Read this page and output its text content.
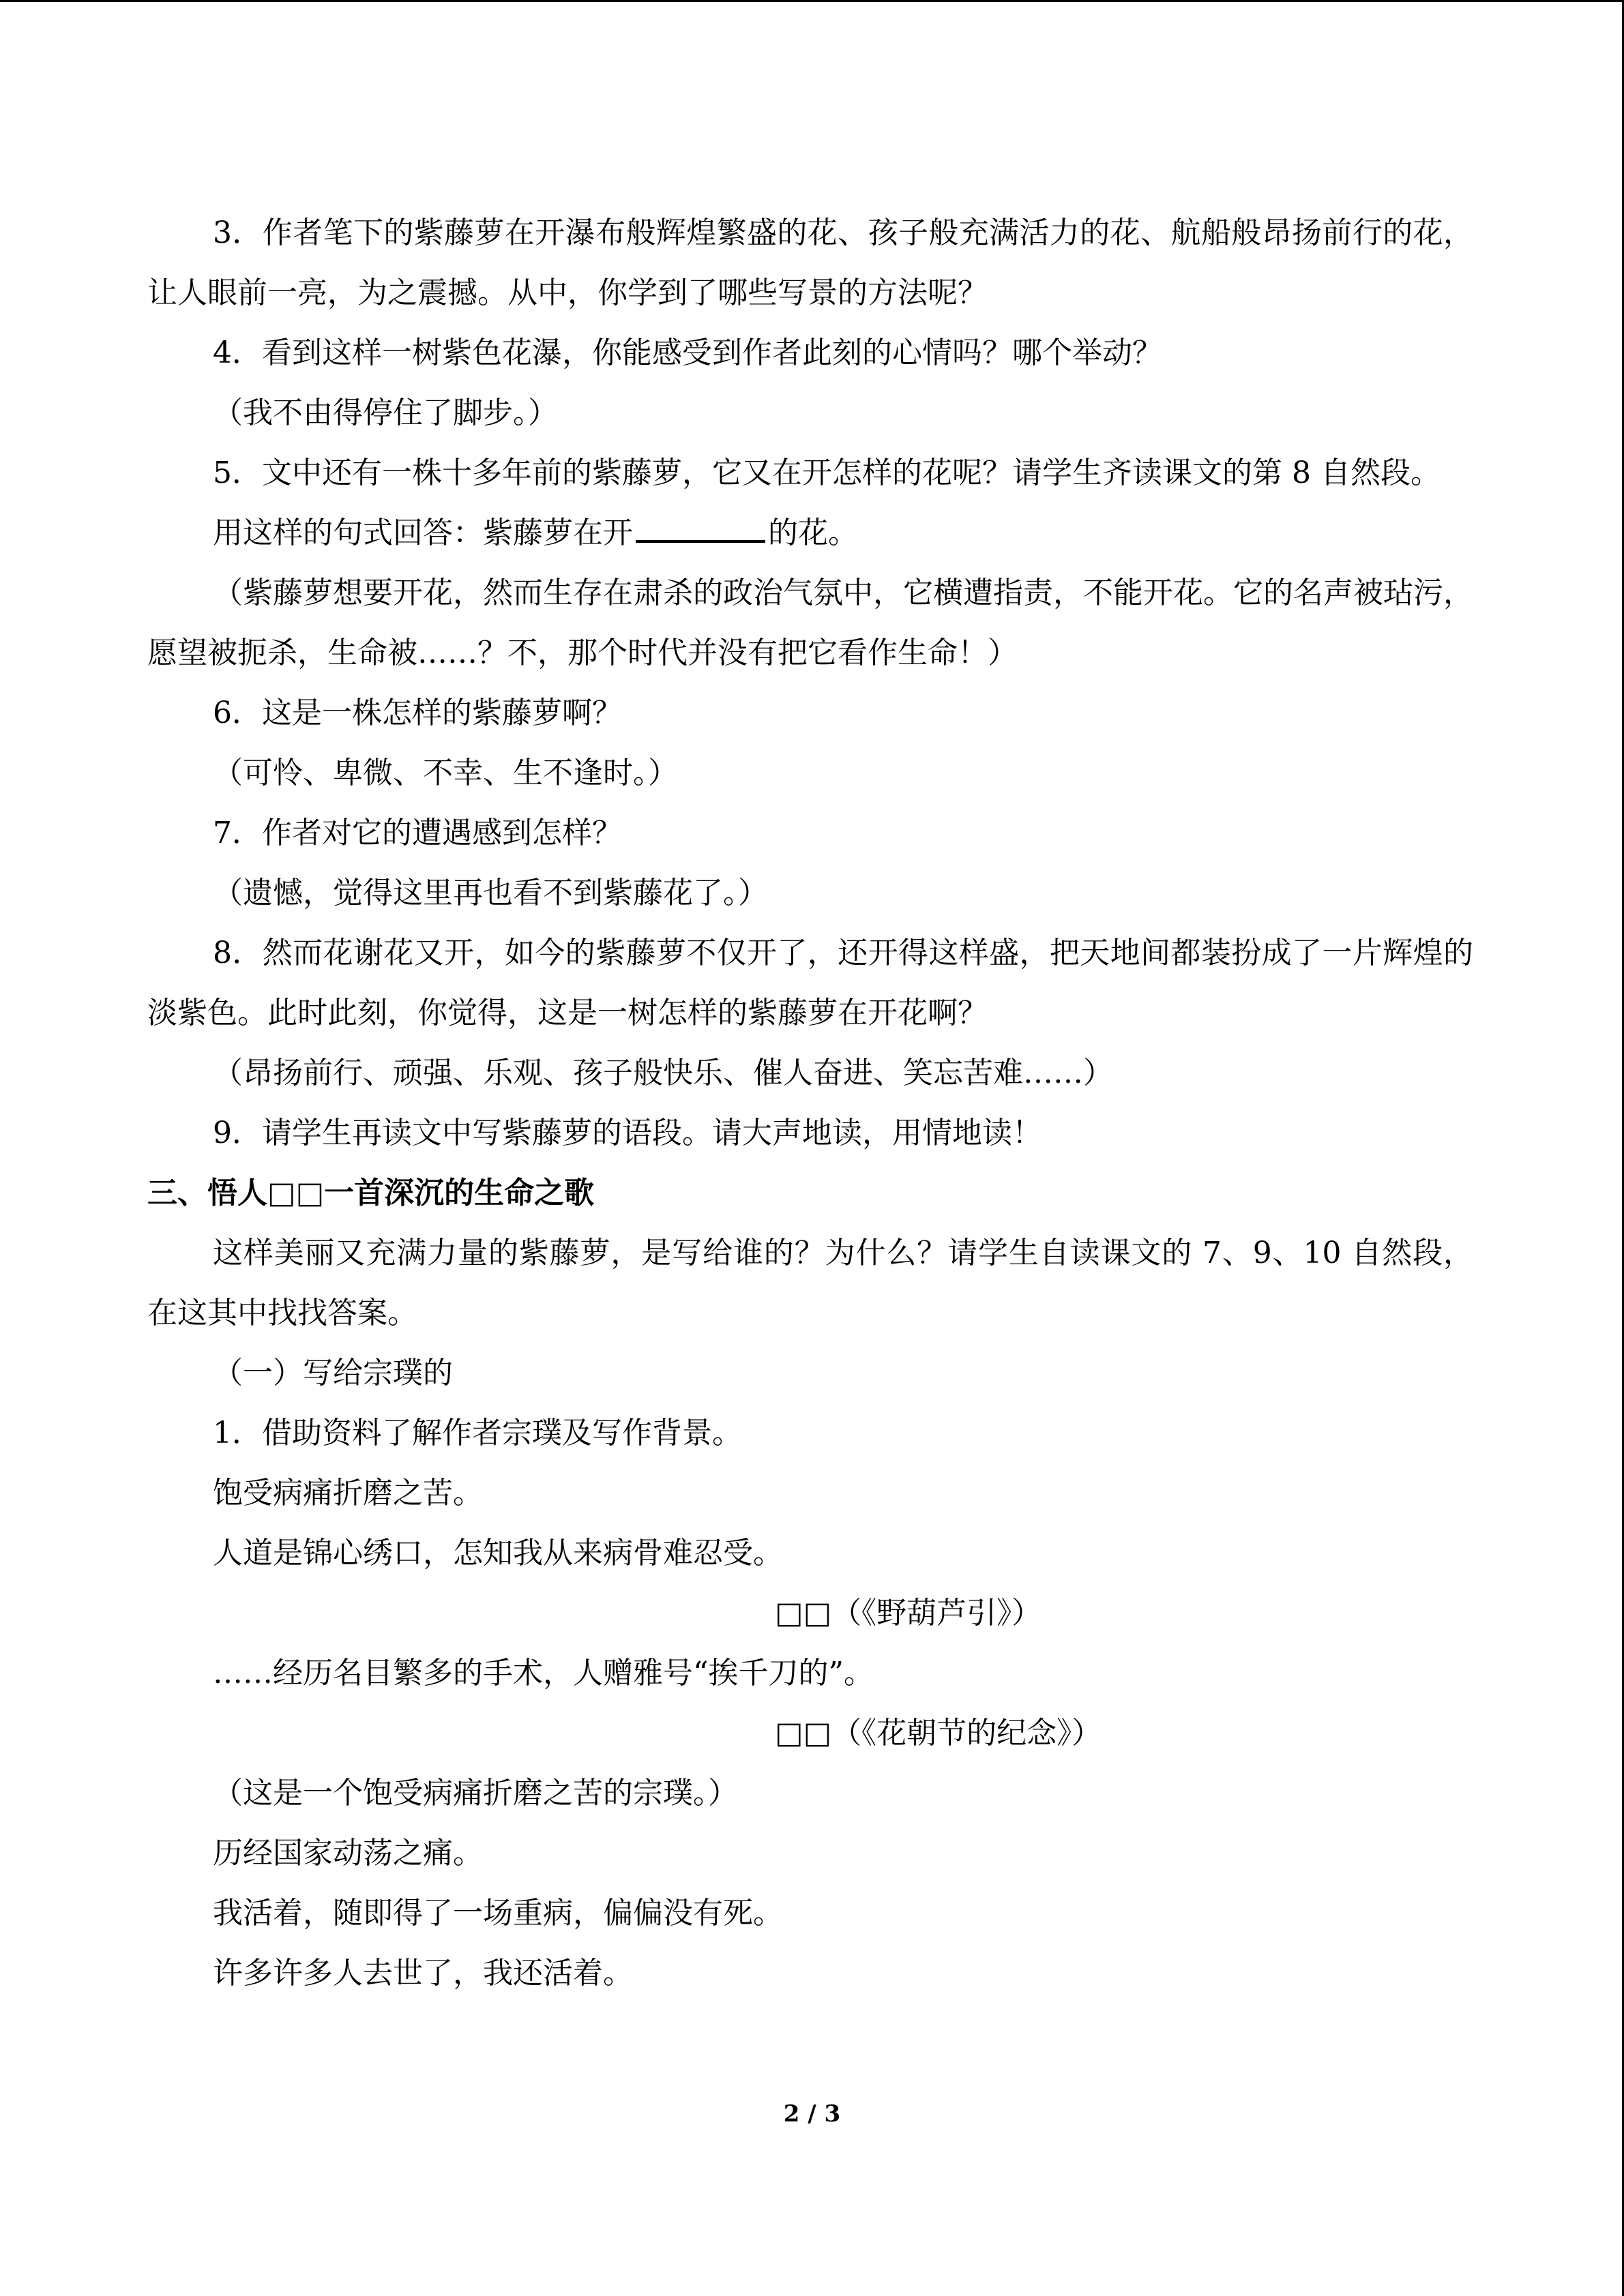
3．作者笔下的紫藤萝在开瀑布般辉煌繁盛的花、孩子般充满活力的花、航船般昂扬前行的花，让人眼前一亮，为之震撼。从中，你学到了哪些写景的方法呢？

4．看到这样一树紫色花瀑，你能感受到作者此刻的心情吗？哪个举动？

（我不由得停住了脚步。）

5．文中还有一株十多年前的紫藤萝，它又在开怎样的花呢？请学生齐读课文的第 8 自然段。

用这样的句式回答：紫藤萝在开	的花。

（紫藤萝想要开花，然而生存在肃杀的政治气氛中，它横遭指责，不能开花。它的名声被玷污，愿望被扼杀，生命被……？不，那个时代并没有把它看作生命！）

6．这是一株怎样的紫藤萝啊？

（可怜、卑微、不幸、生不逢时。）

7．作者对它的遭遇感到怎样？

（遗憾，觉得这里再也看不到紫藤花了。）

8．然而花谢花又开，如今的紫藤萝不仅开了，还开得这样盛，把天地间都装扮成了一片辉煌的淡紫色。此时此刻，你觉得，这是一树怎样的紫藤萝在开花啊？

（昂扬前行、顽强、乐观、孩子般快乐、催人奋进、笑忘苦难……）

9．请学生再读文中写紫藤萝的语段。请大声地读，用情地读！

三、悟人□□一首深沉的生命之歌

这样美丽又充满力量的紫藤萝，是写给谁的？为什么？请学生自读课文的 7、9、10 自然段，在这其中找找答案。

（一）写给宗璞的

1．借助资料了解作者宗璞及写作背景。

饱受病痛折磨之苦。

人道是锦心绣口，怎知我从来病骨难忍受。

□□（《野葫芦引》）

……经历名目繁多的手术，人赠雅号“挨千刀的”。

□□（《花朝节的纪念》）

（这是一个饱受病痛折磨之苦的宗璞。）

历经国家动荡之痛。

我活着，随即得了一场重病，偏偏没有死。

许多许多人去世了，我还活着。

2 / 3
